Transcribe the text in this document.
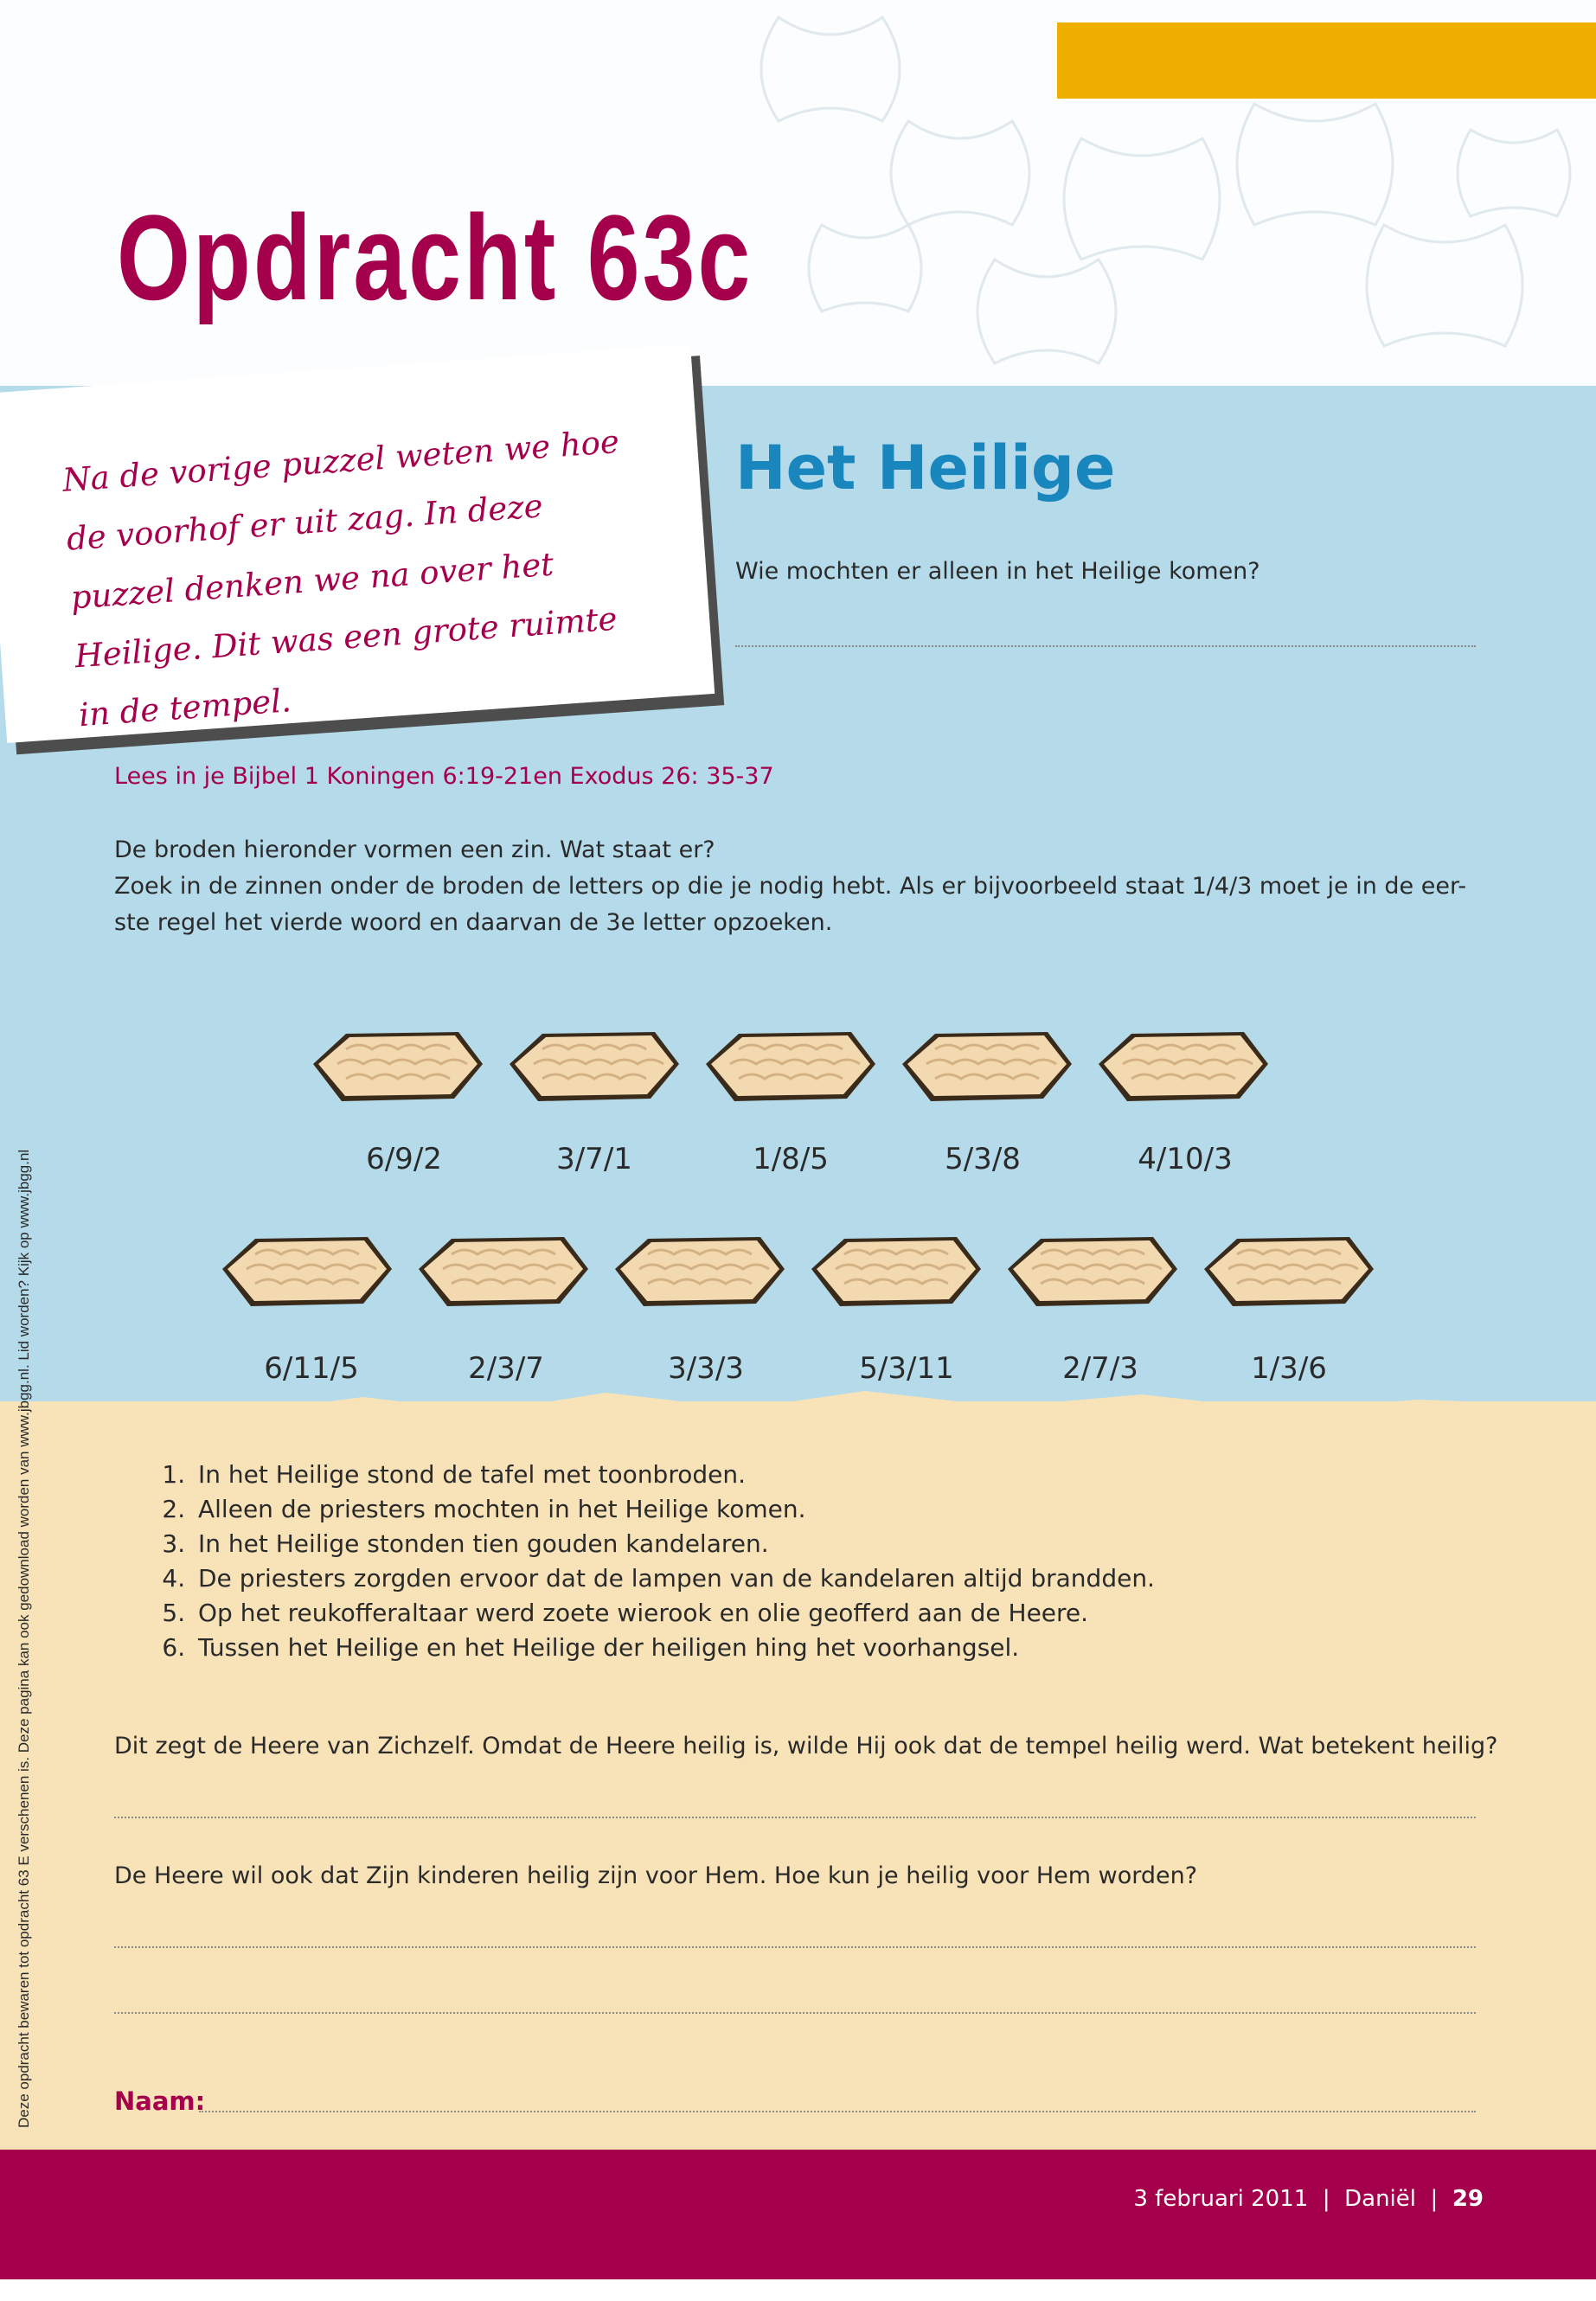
Opdracht 63c
Na de vorige puzzel weten we hoe de voorhof er uit zag. In deze puzzel denken we na over het Heilige. Dit was een grote ruimte in de tempel.
Het Heilige
Wie mochten er alleen in het Heilige komen?
Lees in je Bijbel 1 Koningen 6:19-21en Exodus 26: 35-37
De broden hieronder vormen een zin. Wat staat er?
Zoek in de zinnen onder de broden de letters op die je nodig hebt. Als er bijvoorbeeld staat 1/4/3 moet je in de eer-
ste regel het vierde woord en daarvan de 3e letter opzoeken.
6/9/2	3/7/1	1/8/5	5/3/8	4/10/3
6/11/5	2/3/7	3/3/3	5/3/11	2/7/3	1/3/6
1. In het Heilige stond de tafel met toonbroden.
2. Alleen de priesters mochten in het Heilige komen.
3. In het Heilige stonden tien gouden kandelaren.
4. De priesters zorgden ervoor dat de lampen van de kandelaren altijd brandden.
5. Op het reukofferaltaar werd zoete wierook en olie geofferd aan de Heere.
6. Tussen het Heilige en het Heilige der heiligen hing het voorhangsel.
Dit zegt de Heere van Zichzelf. Omdat de Heere heilig is, wilde Hij ook dat de tempel heilig werd. Wat betekent heilig?
De Heere wil ook dat Zijn kinderen heilig zijn voor Hem. Hoe kun je heilig voor Hem worden?
Naam:
Deze opdracht bewaren tot opdracht 63 E verschenen is. Deze pagina kan ook gedownload worden van www.jbgg.nl. Lid worden? Kijk op www.jbgg.nl
3 februari 2011 | Daniël | 29
